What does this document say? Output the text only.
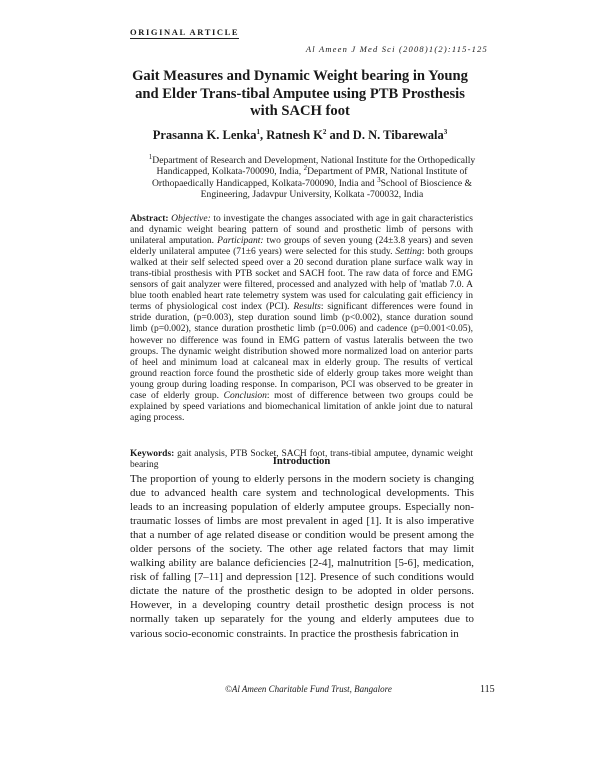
ORIGINAL ARTICLE
Al Ameen J Med Sci (2008)1(2):115-125
Gait Measures and Dynamic Weight bearing in Young and Elder Trans-tibal Amputee using PTB Prosthesis with SACH foot
Prasanna K. Lenka$^1$, Ratnesh $K^2$ and D. N. Tibarewala$^3$
$^1$Department of Research and Development, National Institute for the Orthopedically Handicapped, Kolkata-700090, India, $^2$Department of PMR, National Institute of Orthopaedically Handicapped, Kolkata-700090, India and $^3$School of Bioscience & Engineering, Jadavpur University, Kolkata -700032, India
Abstract: Objective: to investigate the changes associated with age in gait characteristics and dynamic weight bearing pattern of sound and prosthetic limb of persons with unilateral amputation. Participant: two groups of seven young (24±3.8 years) and seven elderly unilateral amputee (71±6 years) were selected for this study. Setting: both groups walked at their self selected speed over a 20 second duration plane surface walk way in trans-tibial prosthesis with PTB socket and SACH foot. The raw data of force and EMG sensors of gait analyzer were filtered, processed and analyzed with help of 'matlab 7.0. A blue tooth enabled heart rate telemetry system was used for calculating gait efficiency in terms of physiological cost index (PCI). Results: significant differences were found in stride duration, (p=0.003), step duration sound limb (p<0.002), stance duration sound limb (p=0.002), stance duration prosthetic limb (p=0.006) and cadence (p=0.001<0.05), however no difference was found in EMG pattern of vastus lateralis between the two groups. The dynamic weight distribution showed more normalized load on anterior parts of heel and minimum load at calcaneal max in elderly group. The results of vertical ground reaction force found the prosthetic side of elderly group takes more weight than young group during loading response. In comparison, PCI was observed to be greater in case of elderly group. Conclusion: most of difference between two groups could be explained by speed variations and biomechanical limitation of ankle joint due to natural aging process.
Keywords: gait analysis, PTB Socket, SACH foot, trans-tibial amputee, dynamic weight bearing	Introduction
The proportion of young to elderly persons in the modern society is changing due to advanced health care system and technological developments. This leads to an increasing population of elderly amputee groups. Especially non-traumatic losses of limbs are most prevalent in aged [1]. It is also imperative that a number of age related disease or condition would be present among the older persons of the society. The other age related factors that may limit walking ability are balance deficiencies [2-4], malnutrition [5-6], medication, risk of falling [7–11] and depression [12]. Presence of such conditions would dictate the nature of the prosthetic design to be adopted in older persons. However, in a developing country detail prosthetic design process is not normally taken up separately for the young and elderly amputees due to various socio-economic constraints. In practice the prosthesis fabrication in
©Al Ameen Charitable Fund Trust, Bangalore	115
